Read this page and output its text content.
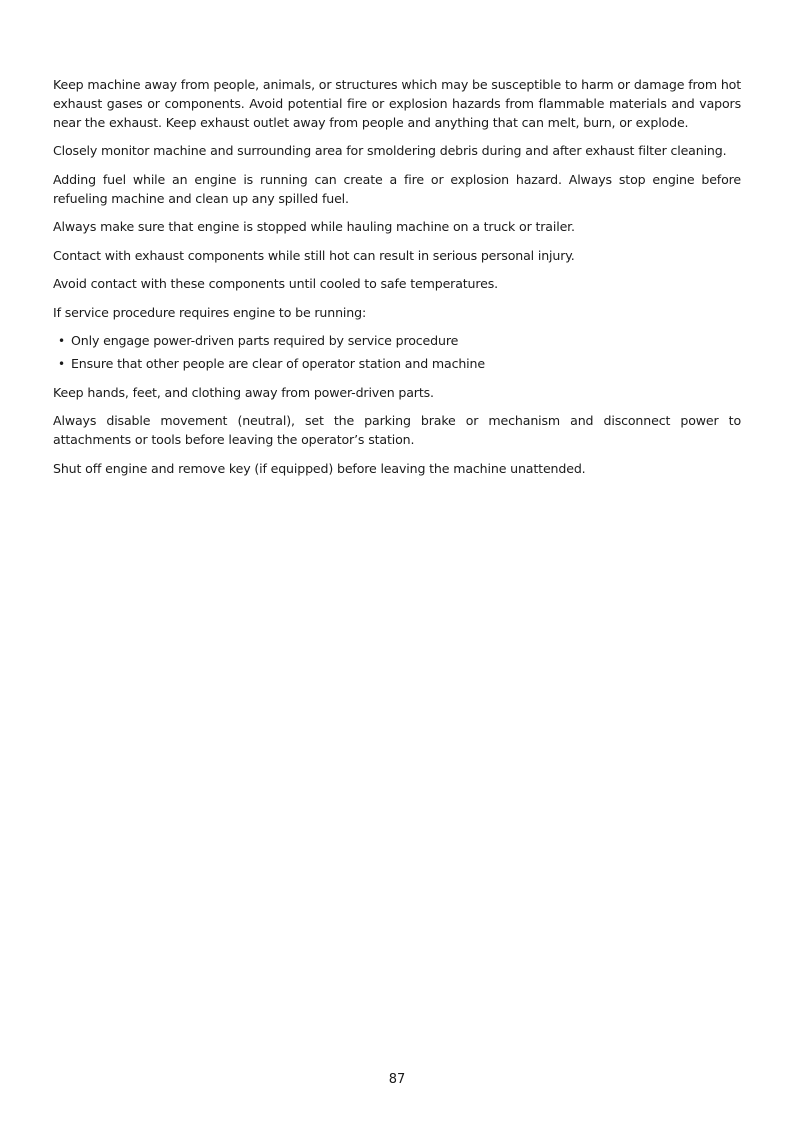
Keep machine away from people, animals, or structures which may be susceptible to harm or damage from hot exhaust gases or components. Avoid potential fire or explosion hazards from flammable materials and vapors near the exhaust. Keep exhaust outlet away from people and anything that can melt, burn, or explode.

Closely monitor machine and surrounding area for smoldering debris during and after exhaust filter cleaning.

Adding fuel while an engine is running can create a fire or explosion hazard. Always stop engine before refueling machine and clean up any spilled fuel.

Always make sure that engine is stopped while hauling machine on a truck or trailer.

Contact with exhaust components while still hot can result in serious personal injury.

Avoid contact with these components until cooled to safe temperatures.

If service procedure requires engine to be running:

• Only engage power-driven parts required by service procedure
• Ensure that other people are clear of operator station and machine

Keep hands, feet, and clothing away from power-driven parts.

Always disable movement (neutral), set the parking brake or mechanism and disconnect power to attachments or tools before leaving the operator’s station.

Shut off engine and remove key (if equipped) before leaving the machine unattended.

87
